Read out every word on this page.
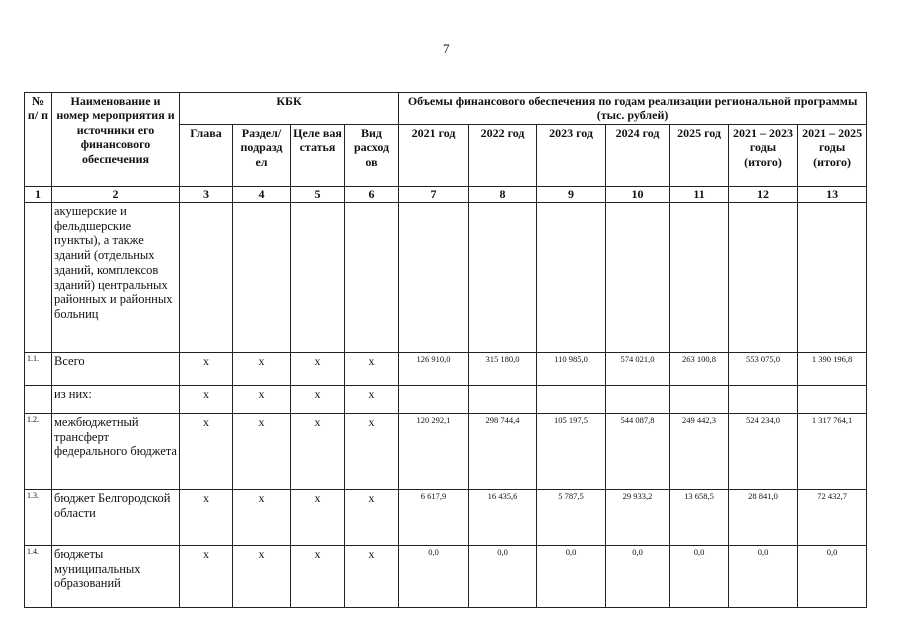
7
№ п/ п	Наименование и номер мероприятия и источники его финансового обеспечения	КБК				Объемы финансового обеспечения по годам реализации региональной программы (тыс. рублей)						
		Глава	Раздел/ подразд ел	Целе вая статья	Вид расход ов	2021 год	2022 год	2023 год	2024 год	2025 год	2021 – 2023 годы (итого)	2021 – 2025 годы (итого)
1	2	3	4	5	6	7	8	9	10	11	12	13
	акушерские и фельдшерские пункты), а также зданий (отдельных зданий, комплексов зданий) центральных районных и районных больниц											
1.1.	Всего	х	х	х	х	126 910,0	315 180,0	110 985,0	574 021,0	263 100,8	553 075,0	1 390 196,8
	из них:	х	х	х	х							
1.2.	межбюджетный трансферт федерального бюджета	х	х	х	х	120 292,1	298 744,4	105 197,5	544 087,8	249 442,3	524 234,0	1 317 764,1
1.3.	бюджет Белгородской области	х	х	х	х	6 617,9	16 435,6	5 787,5	29 933,2	13 658,5	28 841,0	72 432,7
1.4.	бюджеты муниципальных образований	х	х	х	х	0,0	0,0	0,0	0,0	0,0	0,0	0,0
